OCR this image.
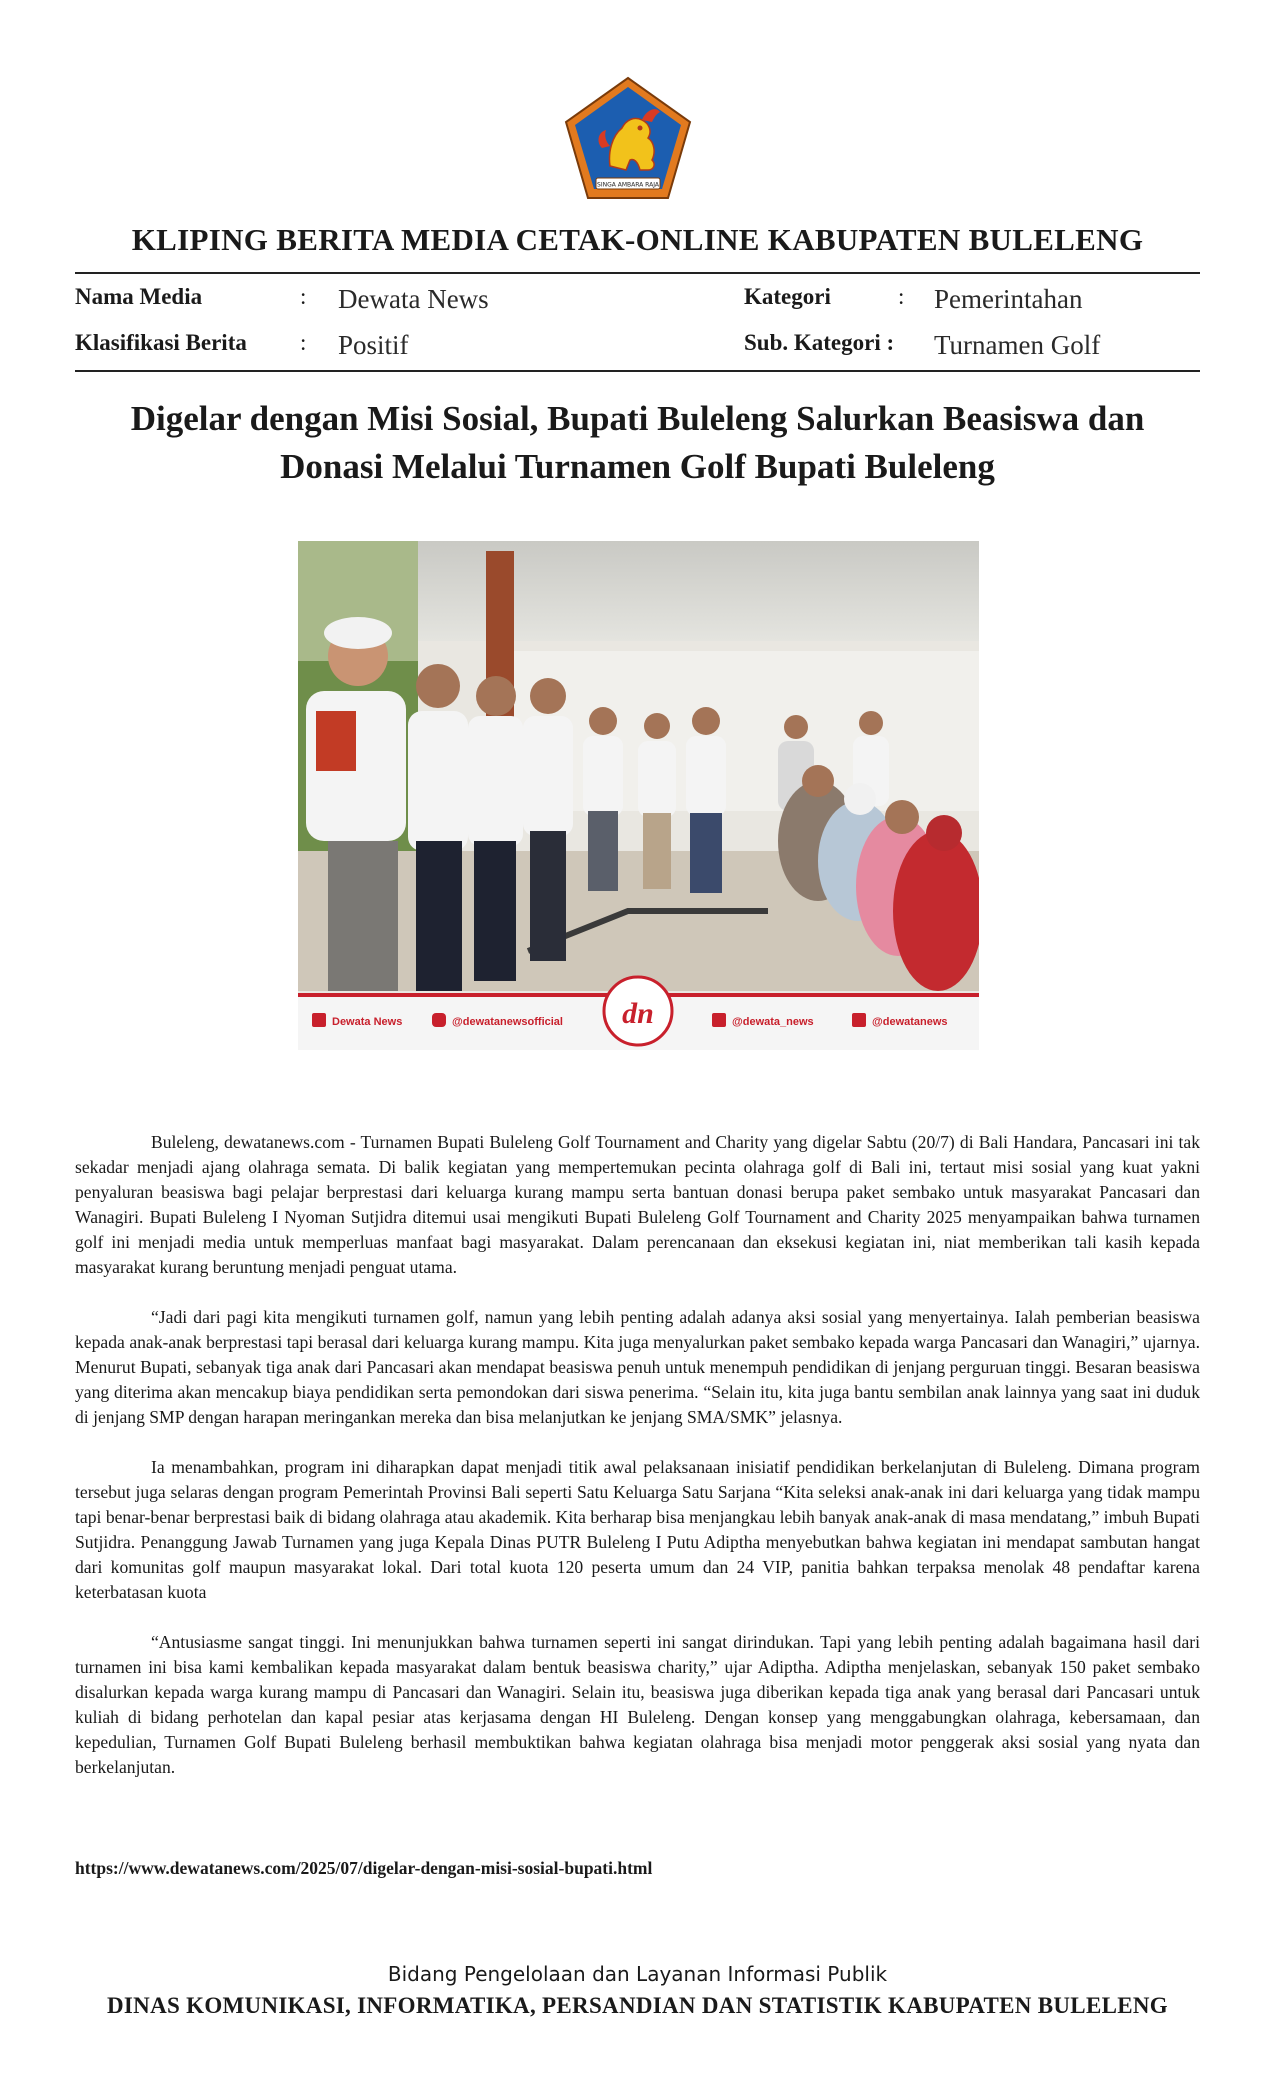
SINGA AMBARA RAJA
KLIPING BERITA MEDIA CETAK-ONLINE KABUPATEN BULELENG
Nama Media	: Dewata News
Klasifikasi Berita : Positif
Kategori	: Pemerintahan
Sub. Kategori : Turnamen Golf
Digelar dengan Misi Sosial, Bupati Buleleng Salurkan Beasiswa dan Donasi Melalui Turnamen Golf Bupati Buleleng
Dewata News	@dewatanewsofficial dn	@dewata_news	@dewatanews

Buleleng, dewatanews.com - Turnamen Bupati Buleleng Golf Tournament and Charity yang digelar Sabtu (20/7) di Bali Handara, Pancasari ini tak sekadar menjadi ajang olahraga semata. Di balik kegiatan yang mempertemukan pecinta olahraga golf di Bali ini, tertaut misi sosial yang kuat yakni penyaluran beasiswa bagi pelajar berprestasi dari keluarga kurang mampu serta bantuan donasi berupa paket sembako untuk masyarakat Pancasari dan Wanagiri. Bupati Buleleng I Nyoman Sutjidra ditemui usai mengikuti Bupati Buleleng Golf Tournament and Charity 2025 menyampaikan bahwa turnamen golf ini menjadi media untuk memperluas manfaat bagi masyarakat. Dalam perencanaan dan eksekusi kegiatan ini, niat memberikan tali kasih kepada masyarakat kurang beruntung menjadi penguat utama.

“Jadi dari pagi kita mengikuti turnamen golf, namun yang lebih penting adalah adanya aksi sosial yang menyertainya. Ialah pemberian beasiswa kepada anak-anak berprestasi tapi berasal dari keluarga kurang mampu. Kita juga menyalurkan paket sembako kepada warga Pancasari dan Wanagiri,” ujarnya. Menurut Bupati, sebanyak tiga anak dari Pancasari akan mendapat beasiswa penuh untuk menempuh pendidikan di jenjang perguruan tinggi. Besaran beasiswa yang diterima akan mencakup biaya pendidikan serta pemondokan dari siswa penerima. “Selain itu, kita juga bantu sembilan anak lainnya yang saat ini duduk di jenjang SMP dengan harapan meringankan mereka dan bisa melanjutkan ke jenjang SMA/SMK” jelasnya.

Ia menambahkan, program ini diharapkan dapat menjadi titik awal pelaksanaan inisiatif pendidikan berkelanjutan di Buleleng. Dimana program tersebut juga selaras dengan program Pemerintah Provinsi Bali seperti Satu Keluarga Satu Sarjana “Kita seleksi anak-anak ini dari keluarga yang tidak mampu tapi benar-benar berprestasi baik di bidang olahraga atau akademik. Kita berharap bisa menjangkau lebih banyak anak-anak di masa mendatang,” imbuh Bupati Sutjidra. Penanggung Jawab Turnamen yang juga Kepala Dinas PUTR Buleleng I Putu Adiptha menyebutkan bahwa kegiatan ini mendapat sambutan hangat dari komunitas golf maupun masyarakat lokal. Dari total kuota 120 peserta umum dan 24 VIP, panitia bahkan terpaksa menolak 48 pendaftar karena keterbatasan kuota

“Antusiasme sangat tinggi. Ini menunjukkan bahwa turnamen seperti ini sangat dirindukan. Tapi yang lebih penting adalah bagaimana hasil dari turnamen ini bisa kami kembalikan kepada masyarakat dalam bentuk beasiswa charity,” ujar Adiptha. Adiptha menjelaskan, sebanyak 150 paket sembako disalurkan kepada warga kurang mampu di Pancasari dan Wanagiri. Selain itu, beasiswa juga diberikan kepada tiga anak yang berasal dari Pancasari untuk kuliah di bidang perhotelan dan kapal pesiar atas kerjasama dengan HI Buleleng. Dengan konsep yang menggabungkan olahraga, kebersamaan, dan kepedulian, Turnamen Golf Bupati Buleleng berhasil membuktikan bahwa kegiatan olahraga bisa menjadi motor penggerak aksi sosial yang nyata dan berkelanjutan.

https://www.dewatanews.com/2025/07/digelar-dengan-misi-sosial-bupati.html
Bidang Pengelolaan dan Layanan Informasi Publik
DINAS KOMUNIKASI, INFORMATIKA, PERSANDIAN DAN STATISTIK KABUPATEN BULELENG
